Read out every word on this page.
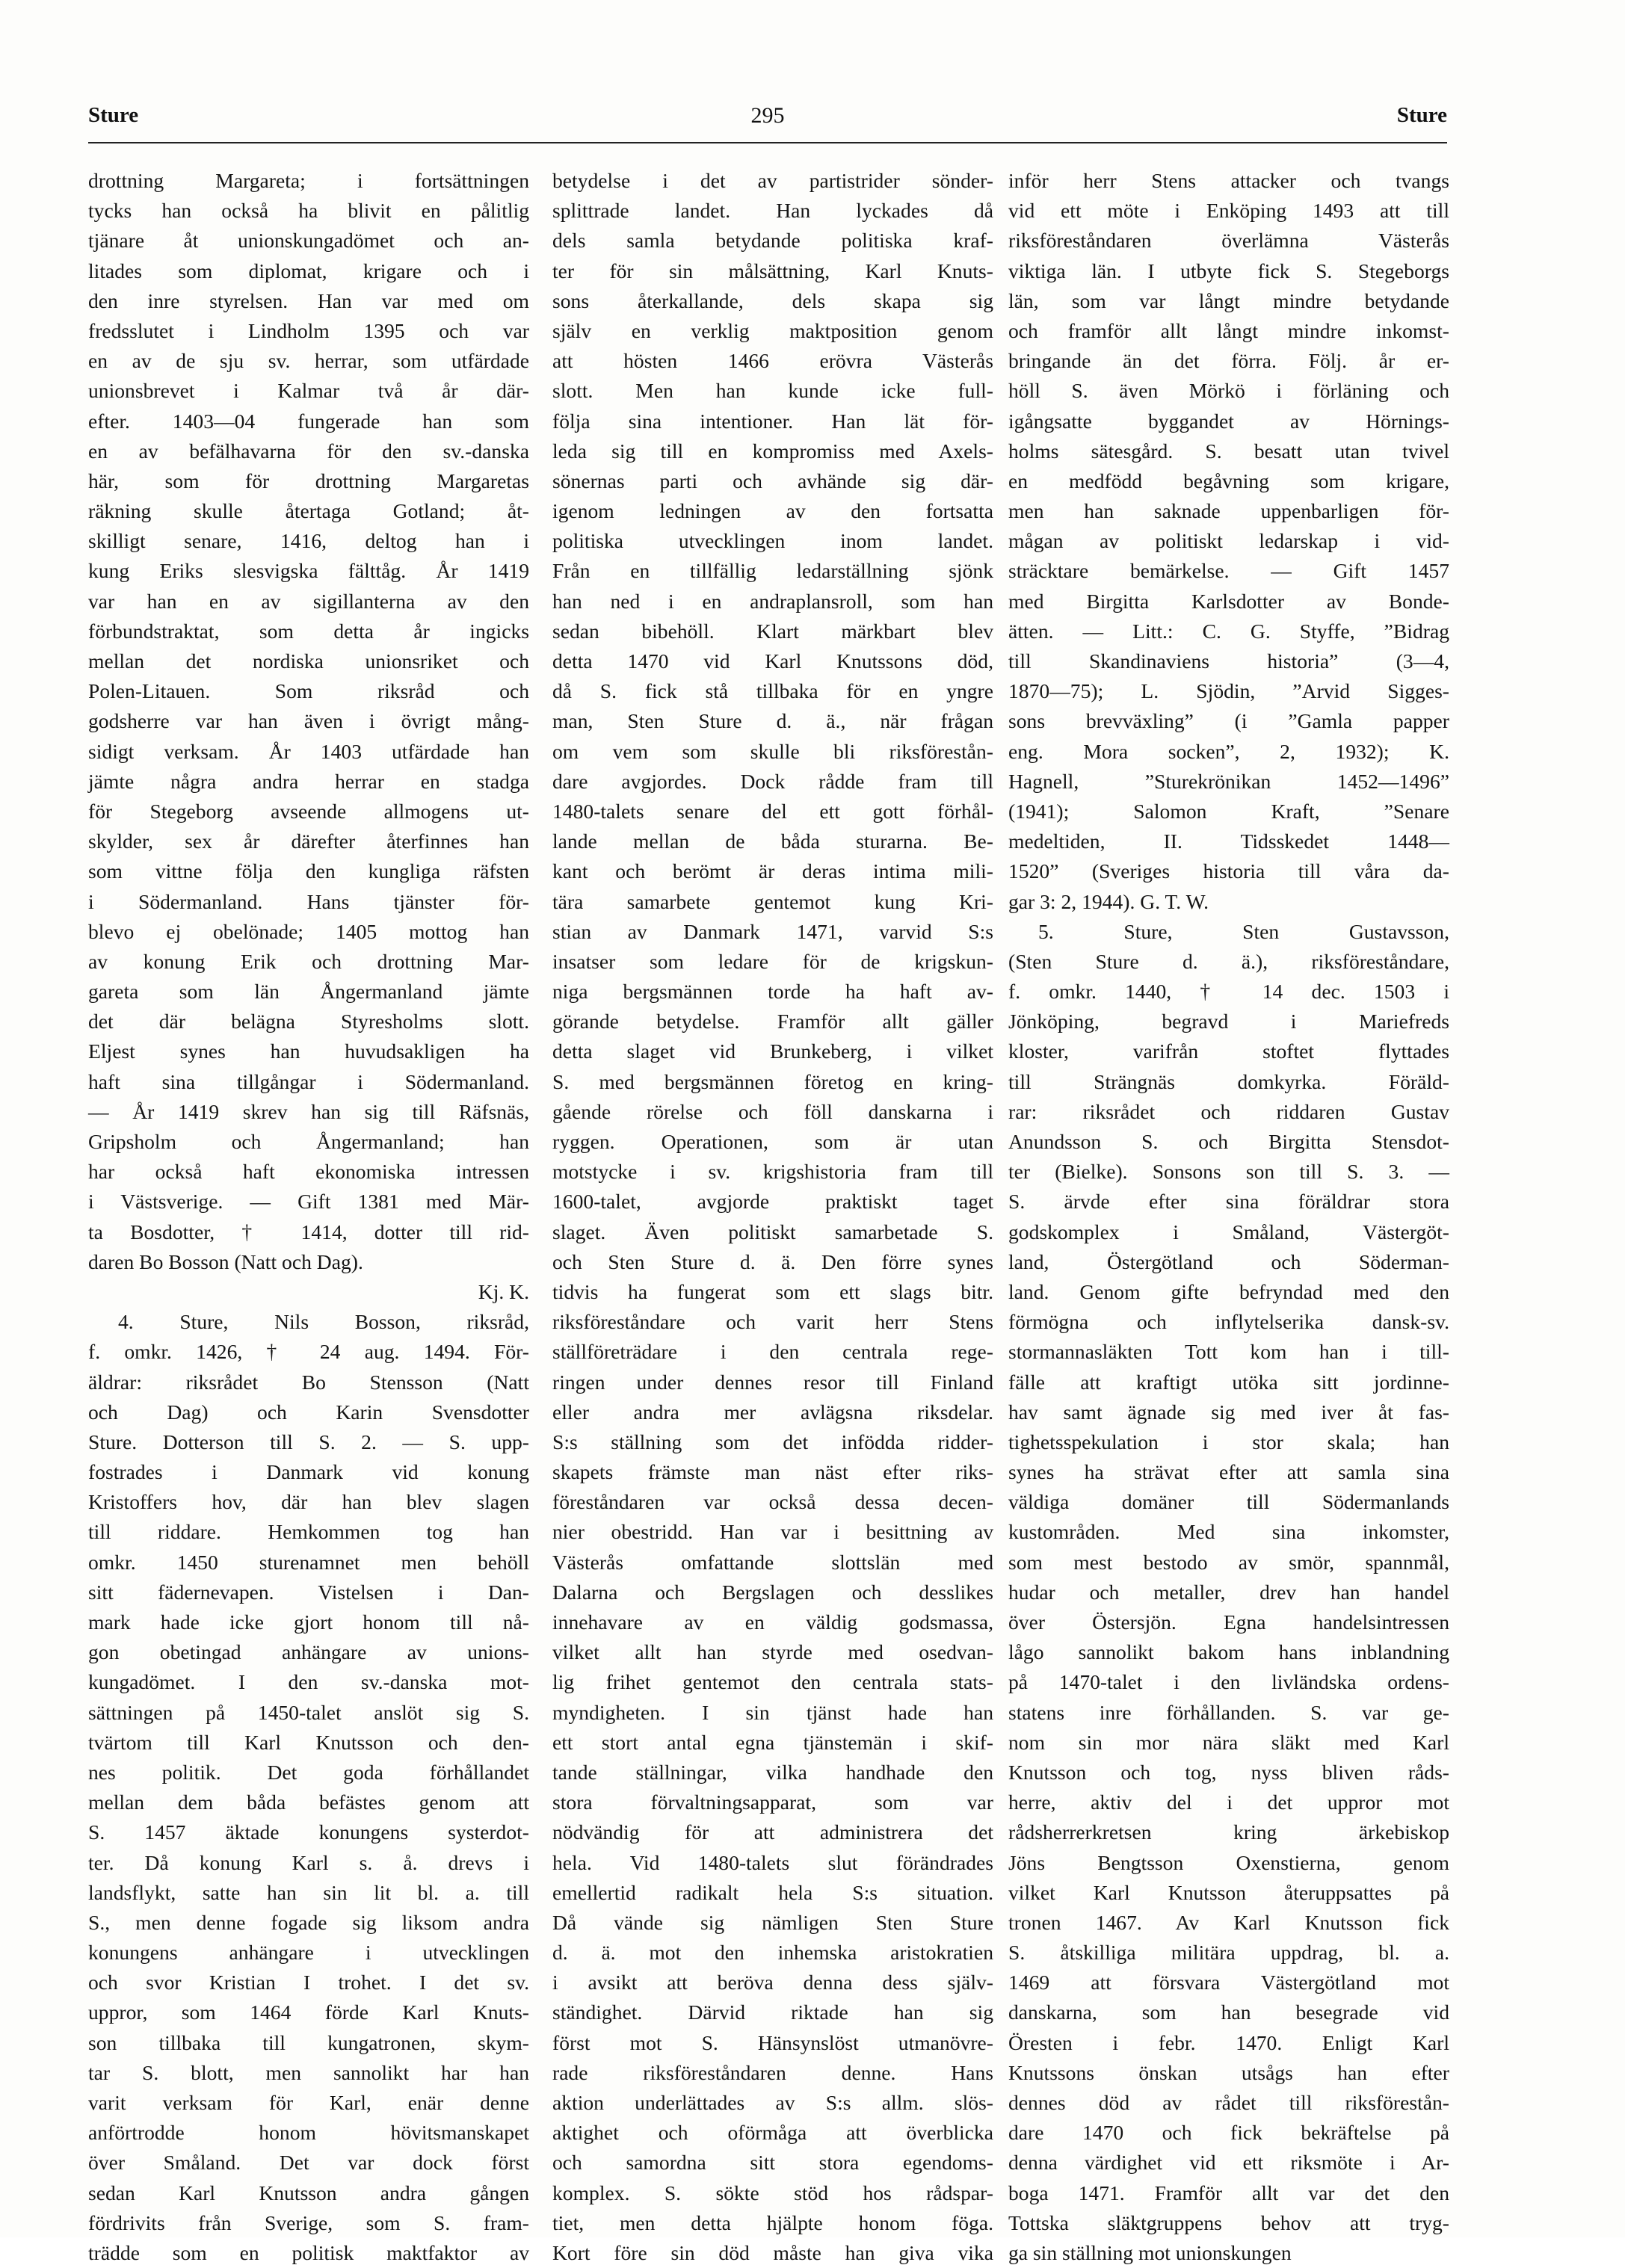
Sture	295	Sture
drottning Margareta; i fortsättningen
tycks han också ha blivit en pålitlig
tjänare åt unionskungadömet och an-
litades som diplomat, krigare och i
den inre styrelsen. Han var med om
fredsslutet i Lindholm 1395 och var
en av de sju sv. herrar, som utfärdade
unionsbrevet i Kalmar två år där-
efter. 1403—04 fungerade han som
en av befälhavarna för den sv.-danska
här, som för drottning Margaretas
räkning skulle återtaga Gotland; åt-
skilligt senare, 1416, deltog han i
kung Eriks slesvigska fälttåg. År 1419
var han en av sigillanterna av den
förbundstraktat, som detta år ingicks
mellan det nordiska unionsriket och
Polen-Litauen. Som riksråd och
godsherre var han även i övrigt mång-
sidigt verksam. År 1403 utfärdade han
jämte några andra herrar en stadga
för Stegeborg avseende allmogens ut-
skylder, sex år därefter återfinnes han
som vittne följa den kungliga räfsten
i Södermanland. Hans tjänster för-
blevo ej obelönade; 1405 mottog han
av konung Erik och drottning Mar-
gareta som län Ångermanland jämte
det där belägna Styresholms slott.
Eljest synes han huvudsakligen ha
haft sina tillgångar i Södermanland.
— År 1419 skrev han sig till Räfsnäs,
Gripsholm och Ångermanland; han
har också haft ekonomiska intressen
i Västsverige. — Gift 1381 med Mär-
ta Bosdotter, † 1414, dotter till rid-
daren Bo Bosson (Natt och Dag).
Kj. K.
4. Sture, Nils Bosson, riksråd,
f. omkr. 1426, † 24 aug. 1494. För-
äldrar: riksrådet Bo Stensson (Natt
och Dag) och Karin Svensdotter
Sture. Dotterson till S. 2. — S. upp-
fostrades i Danmark vid konung
Kristoffers hov, där han blev slagen
till riddare. Hemkommen tog han
omkr. 1450 sturenamnet men behöll
sitt fädernevapen. Vistelsen i Dan-
mark hade icke gjort honom till nå-
gon obetingad anhängare av unions-
kungadömet. I den sv.-danska mot-
sättningen på 1450-talet anslöt sig S.
tvärtom till Karl Knutsson och den-
nes politik. Det goda förhållandet
mellan dem båda befästes genom att
S. 1457 äktade konungens systerdot-
ter. Då konung Karl s. å. drevs i
landsflykt, satte han sin lit bl. a. till
S., men denne fogade sig liksom andra
konungens anhängare i utvecklingen
och svor Kristian I trohet. I det sv.
uppror, som 1464 förde Karl Knuts-
son tillbaka till kungatronen, skym-
tar S. blott, men sannolikt har han
varit verksam för Karl, enär denne
anförtrodde honom hövitsmanskapet
över Småland. Det var dock först
sedan Karl Knutsson andra gången
fördrivits från Sverige, som S. fram-
trädde som en politisk maktfaktor av
betydelse i det av partistrider sönder-
splittrade landet. Han lyckades då
dels samla betydande politiska kraf-
ter för sin målsättning, Karl Knuts-
sons återkallande, dels skapa sig
själv en verklig maktposition genom
att hösten 1466 erövra Västerås
slott. Men han kunde icke full-
följa sina intentioner. Han lät för-
leda sig till en kompromiss med Axels-
sönernas parti och avhände sig där-
igenom ledningen av den fortsatta
politiska utvecklingen inom landet.
Från en tillfällig ledarställning sjönk
han ned i en andraplansroll, som han
sedan bibehöll. Klart märkbart blev
detta 1470 vid Karl Knutssons död,
då S. fick stå tillbaka för en yngre
man, Sten Sture d. ä., när frågan
om vem som skulle bli riksförestån-
dare avgjordes. Dock rådde fram till
1480-talets senare del ett gott förhål-
lande mellan de båda sturarna. Be-
kant och berömt är deras intima mili-
tära samarbete gentemot kung Kri-
stian av Danmark 1471, varvid S:s
insatser som ledare för de krigskun-
niga bergsmännen torde ha haft av-
görande betydelse. Framför allt gäller
detta slaget vid Brunkeberg, i vilket
S. med bergsmännen företog en kring-
gående rörelse och föll danskarna i
ryggen. Operationen, som är utan
motstycke i sv. krigshistoria fram till
1600-talet, avgjorde praktiskt taget
slaget. Även politiskt samarbetade S.
och Sten Sture d. ä. Den förre synes
tidvis ha fungerat som ett slags bitr.
riksföreståndare och varit herr Stens
ställföreträdare i den centrala rege-
ringen under dennes resor till Finland
eller andra mer avlägsna riksdelar.
S:s ställning som det infödda ridder-
skapets främste man näst efter riks-
föreståndaren var också dessa decen-
nier obestridd. Han var i besittning av
Västerås omfattande slottslän med
Dalarna och Bergslagen och desslikes
innehavare av en väldig godsmassa,
vilket allt han styrde med osedvan-
lig frihet gentemot den centrala stats-
myndigheten. I sin tjänst hade han
ett stort antal egna tjänstemän i skif-
tande ställningar, vilka handhade den
stora förvaltningsapparat, som var
nödvändig för att administrera det
hela. Vid 1480-talets slut förändrades
emellertid radikalt hela S:s situation.
Då vände sig nämligen Sten Sture
d. ä. mot den inhemska aristokratien
i avsikt att beröva denna dess själv-
ständighet. Därvid riktade han sig
först mot S. Hänsynslöst utmanövre-
rade riksföreståndaren denne. Hans
aktion underlättades av S:s allm. slös-
aktighet och oförmåga att överblicka
och samordna sitt stora egendoms-
komplex. S. sökte stöd hos rådspar-
tiet, men detta hjälpte honom föga.
Kort före sin död måste han giva vika
inför herr Stens attacker och tvangs
vid ett möte i Enköping 1493 att till
riksföreståndaren överlämna Västerås
viktiga län. I utbyte fick S. Stegeborgs
län, som var långt mindre betydande
och framför allt långt mindre inkomst-
bringande än det förra. Följ. år er-
höll S. även Mörkö i förläning och
igångsatte byggandet av Hörnings-
holms sätesgård. S. besatt utan tvivel
en medfödd begåvning som krigare,
men han saknade uppenbarligen för-
mågan av politiskt ledarskap i vid-
sträcktare bemärkelse. — Gift 1457
med Birgitta Karlsdotter av Bonde-
ätten. — Litt.: C. G. Styffe, ”Bidrag
till Skandinaviens historia” (3—4,
1870—75); L. Sjödin, ”Arvid Sigges-
sons brevväxling” (i ”Gamla papper
eng. Mora socken”, 2, 1932); K.
Hagnell, ”Sturekrönikan 1452—1496”
(1941); Salomon Kraft, ”Senare
medeltiden, II. Tidsskedet 1448—
1520” (Sveriges historia till våra da-
gar 3: 2, 1944). G. T. W.
5. Sture, Sten Gustavsson,
(Sten Sture d. ä.), riksföreståndare,
f. omkr. 1440, † 14 dec. 1503 i
Jönköping, begravd i Mariefreds
kloster, varifrån stoftet flyttades
till Strängnäs domkyrka. Föräld-
rar: riksrådet och riddaren Gustav
Anundsson S. och Birgitta Stensdot-
ter (Bielke). Sonsons son till S. 3. —
S. ärvde efter sina föräldrar stora
godskomplex i Småland, Västergöt-
land, Östergötland och Söderman-
land. Genom gifte befryndad med den
förmögna och inflytelserika dansk-sv.
stormannasläkten Tott kom han i till-
fälle att kraftigt utöka sitt jordinne-
hav samt ägnade sig med iver åt fas-
tighetsspekulation i stor skala; han
synes ha strävat efter att samla sina
väldiga domäner till Södermanlands
kustområden. Med sina inkomster,
som mest bestodo av smör, spannmål,
hudar och metaller, drev han handel
över Östersjön. Egna handelsintressen
lågo sannolikt bakom hans inblandning
på 1470-talet i den livländska ordens-
statens inre förhållanden. S. var ge-
nom sin mor nära släkt med Karl
Knutsson och tog, nyss bliven råds-
herre, aktiv del i det uppror mot
rådsherrerkretsen kring ärkebiskop
Jöns Bengtsson Oxenstierna, genom
vilket Karl Knutsson återuppsattes på
tronen 1467. Av Karl Knutsson fick
S. åtskilliga militära uppdrag, bl. a.
1469 att försvara Västergötland mot
danskarna, som han besegrade vid
Öresten i febr. 1470. Enligt Karl
Knutssons önskan utsågs han efter
dennes död av rådet till riksförestån-
dare 1470 och fick bekräftelse på
denna värdighet vid ett riksmöte i Ar-
boga 1471. Framför allt var det den
Tottska släktgruppens behov att tryg-
ga sin ställning mot unionskungen
